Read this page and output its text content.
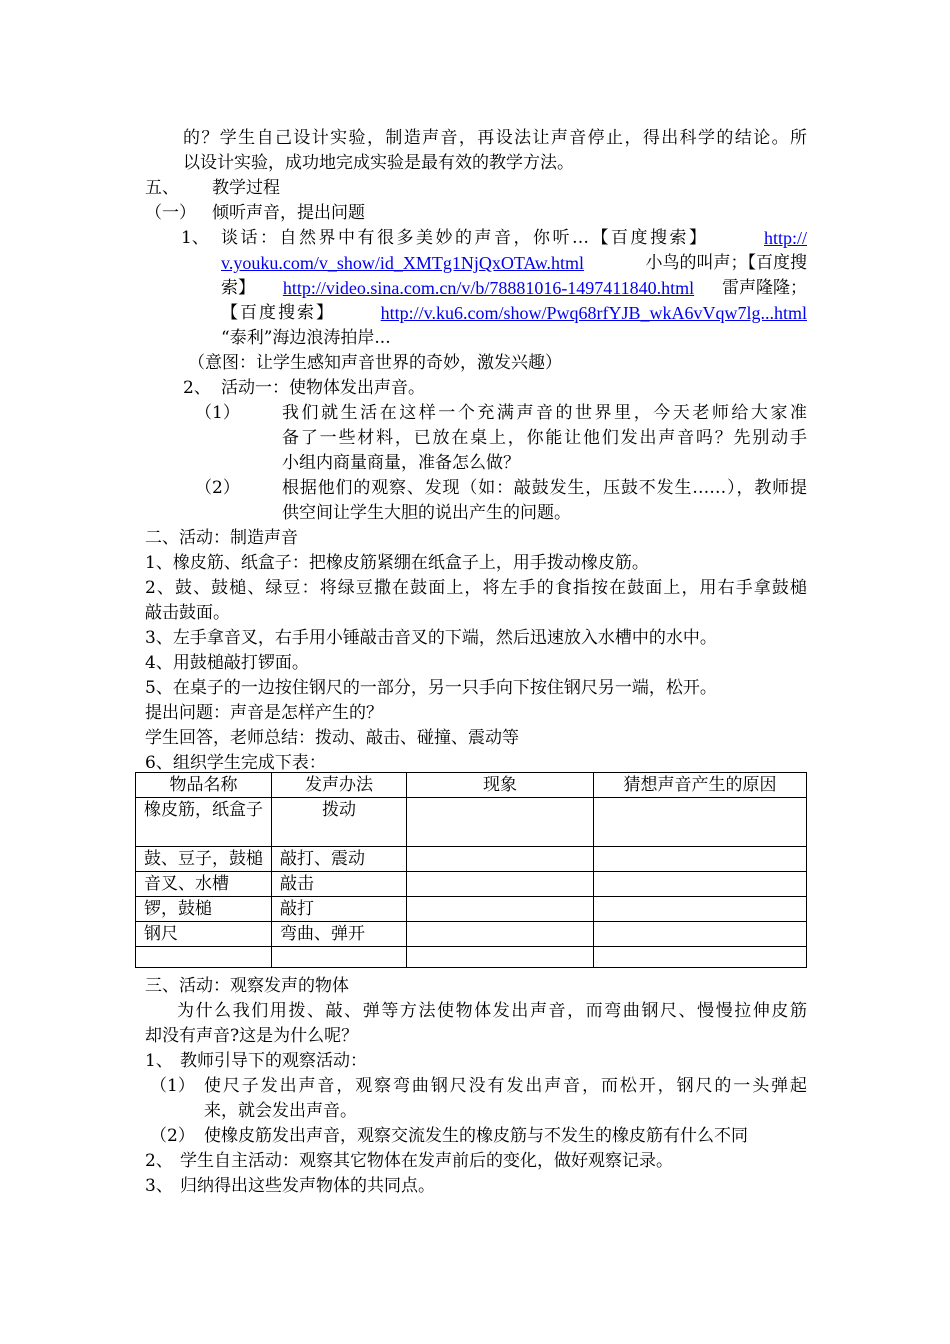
的？学生自己设计实验，制造声音，再设法让声音停止，得出科学的结论。所
以设计实验，成功地完成实验是最有效的教学方法。
五、 教学过程
（一） 倾听声音，提出问题
1、 谈话：自然界中有很多美妙的声音，你听…【百度搜索】	http://
v.youku.com/v_show/id_XMTg1NjQxOTAw.html	小鸟的叫声；【百度搜
索】 http://video.sina.com.cn/v/b/78881016-1497411840.html 雷声隆隆；
【百度搜索】	http://v.ku6.com/show/Pwq68rfYJB_wkA6vVqw7lg...html
“泰利”海边浪涛拍岸...
（意图：让学生感知声音世界的奇妙，激发兴趣）
2、 活动一：使物体发出声音。
（1） 我们就生活在这样一个充满声音的世界里，今天老师给大家准
备了一些材料，已放在桌上，你能让他们发出声音吗？先别动手
小组内商量商量，准备怎么做？
（2） 根据他们的观察、发现（如：敲鼓发生，压鼓不发生……），教师提
供空间让学生大胆的说出产生的问题。
二、活动：制造声音
1、橡皮筋、纸盒子：把橡皮筋紧绷在纸盒子上，用手拨动橡皮筋。
2、鼓、鼓槌、绿豆：将绿豆撒在鼓面上，将左手的食指按在鼓面上，用右手拿鼓槌
敲击鼓面。
3、左手拿音叉，右手用小锤敲击音叉的下端，然后迅速放入水槽中的水中。
4、用鼓槌敲打锣面。
5、在桌子的一边按住钢尺的一部分，另一只手向下按住钢尺另一端，松开。
提出问题：声音是怎样产生的？
学生回答，老师总结：拨动、敲击、碰撞、震动等
6、组织学生完成下表：
物品名称	发声办法	现象	猜想声音产生的原因
橡皮筋，纸盒子	拨动		
鼓、豆子，鼓槌	敲打、震动		
音叉、水槽	敲击		
锣，鼓槌	敲打		
钢尺	弯曲、弹开		

三、活动：观察发声的物体
为什么我们用拨、敲、弹等方法使物体发出声音，而弯曲钢尺、慢慢拉伸皮筋
却没有声音?这是为什么呢？
1、 教师引导下的观察活动：
（1） 使尺子发出声音，观察弯曲钢尺没有发出声音，而松开，钢尺的一头弹起
来，就会发出声音。
（2） 使橡皮筋发出声音，观察交流发生的橡皮筋与不发生的橡皮筋有什么不同
2、 学生自主活动：观察其它物体在发声前后的变化，做好观察记录。
3、 归纳得出这些发声物体的共同点。
